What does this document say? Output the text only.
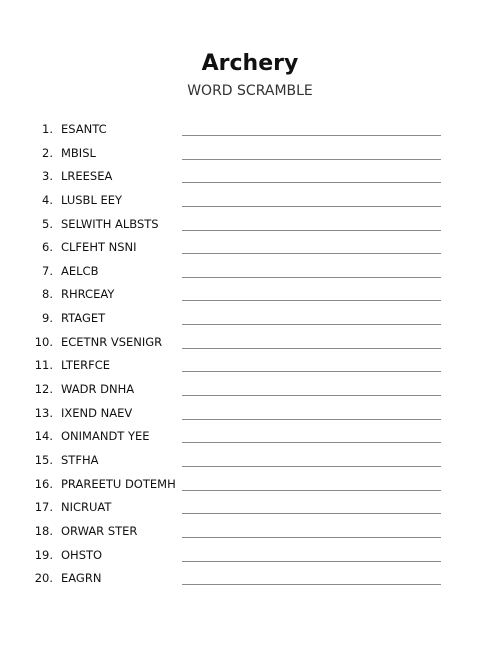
Archery
WORD SCRAMBLE
1. ESANTC
2. MBISL
3. LREESEA
4. LUSBL EEY
5. SELWITH ALBSTS
6. CLFEHT NSNI
7. AELCB
8. RHRCEAY
9. RTAGET
10. ECETNR VSENIGR
11. LTERFCE
12. WADR DNHA
13. IXEND NAEV
14. ONIMANDT YEE
15. STFHA
16. PRAREETU DOTEMH
17. NICRUAT
18. ORWAR STER
19. OHSTO
20. EAGRN
